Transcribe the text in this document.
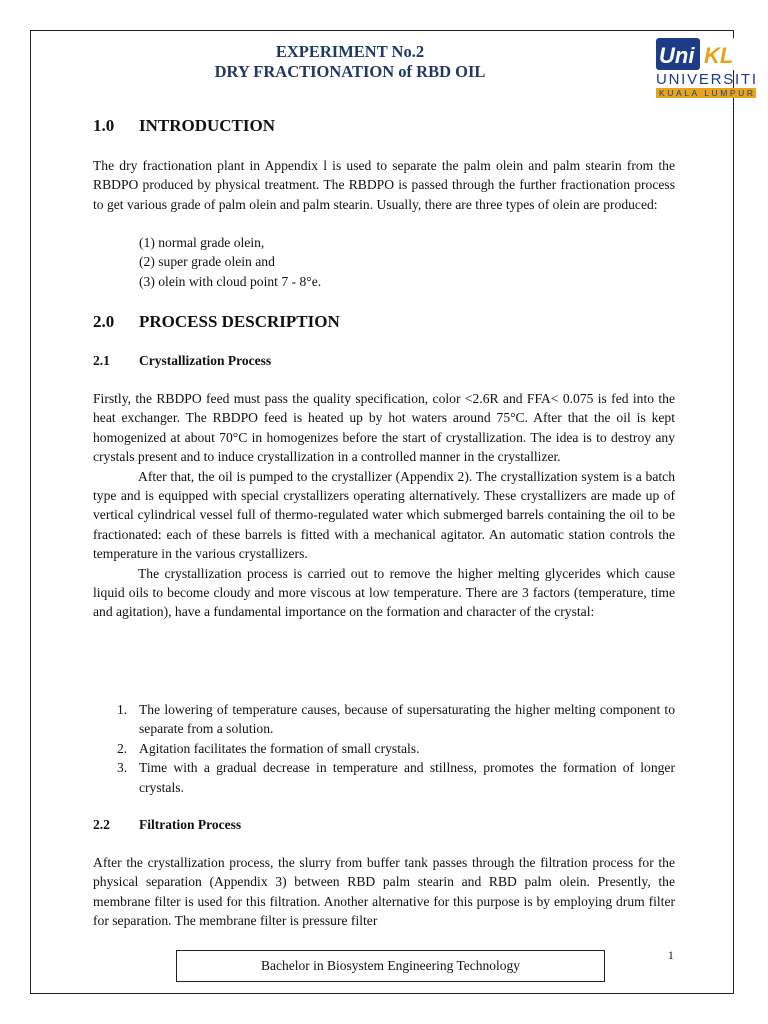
EXPERIMENT No.2
DRY FRACTIONATION of RBD OIL
Uni KL
UNIVERSITI
KUALA LUMPUR
1.0 INTRODUCTION

The dry fractionation plant in Appendix l is used to separate the palm olein and palm stearin from the RBDPO produced by physical treatment. The RBDPO is passed through the further fractionation process to get various grade of palm olein and palm stearin. Usually, there are three types of olein are produced:

(1) normal grade olein,
(2) super grade olein and
(3) olein with cloud point 7 - 8°e.
2.0 PROCESS DESCRIPTION
2.1 Crystallization Process

Firstly, the RBDPO feed must pass the quality specification, color <2.6R and FFA< 0.075 is fed into the heat exchanger. The RBDPO feed is heated up by hot waters around 75°C. After that the oil is kept homogenized at about 70°C in homogenizes before the start of crystallization. The idea is to destroy any crystals present and to induce crystallization in a controlled manner in the crystallizer.

After that, the oil is pumped to the crystallizer (Appendix 2). The crystallization system is a batch type and is equipped with special crystallizers operating alternatively. These crystallizers are made up of vertical cylindrical vessel full of thermo-regulated water which submerged barrels containing the oil to be fractionated: each of these barrels is fitted with a mechanical agitator. An automatic station controls the temperature in the various crystallizers.

The crystallization process is carried out to remove the higher melting glycerides which cause liquid oils to become cloudy and more viscous at low temperature. There are 3 factors (temperature, time and agitation), have a fundamental importance on the formation and character of the crystal:

1. The lowering of temperature causes, because of supersaturating the higher melting component to separate from a solution.
2. Agitation facilitates the formation of small crystals.
3. Time with a gradual decrease in temperature and stillness, promotes the formation of longer crystals.
2.2 Filtration Process

After the crystallization process, the slurry from buffer tank passes through the filtration process for the physical separation (Appendix 3) between RBD palm stearin and RBD palm olein. Presently, the membrane filter is used for this filtration. Another alternative for this purpose is by employing drum filter for separation. The membrane filter is pressure filter

1
Bachelor in Biosystem Engineering Technology
